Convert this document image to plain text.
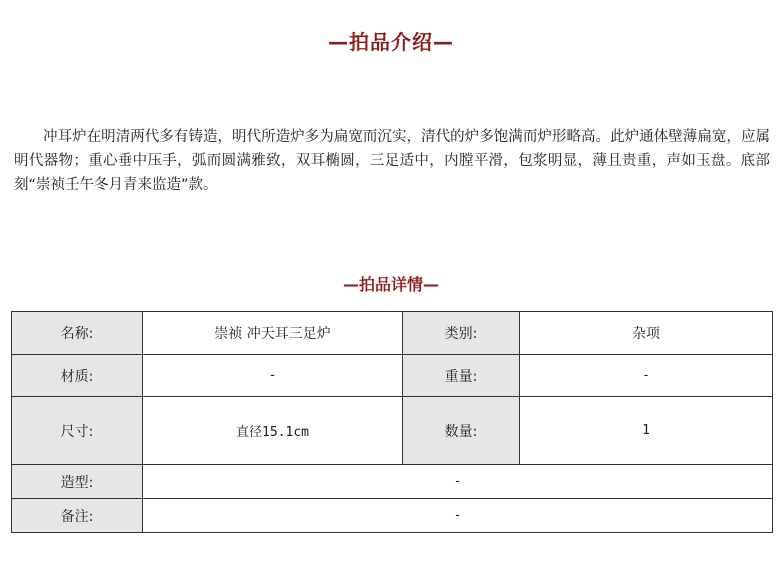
—拍品介绍—

冲耳炉在明清两代多有铸造，明代所造炉多为扁宽而沉实，清代的炉多饱满而炉形略高。此炉通体壁薄扁宽，应属明代器物；重心垂中压手，弧而圆满雅致，双耳椭圆，三足适中，内膛平滑，包浆明显，薄且贵重，声如玉盘。底部刻“崇祯壬午冬月青来监造”款。

—拍品详情—
名称:	崇祯 冲天耳三足炉	类别:	杂项
材质:	-	重量:	-
尺寸:	直径15.1cm	数量:	1
造型:	-		
备注:	-		
